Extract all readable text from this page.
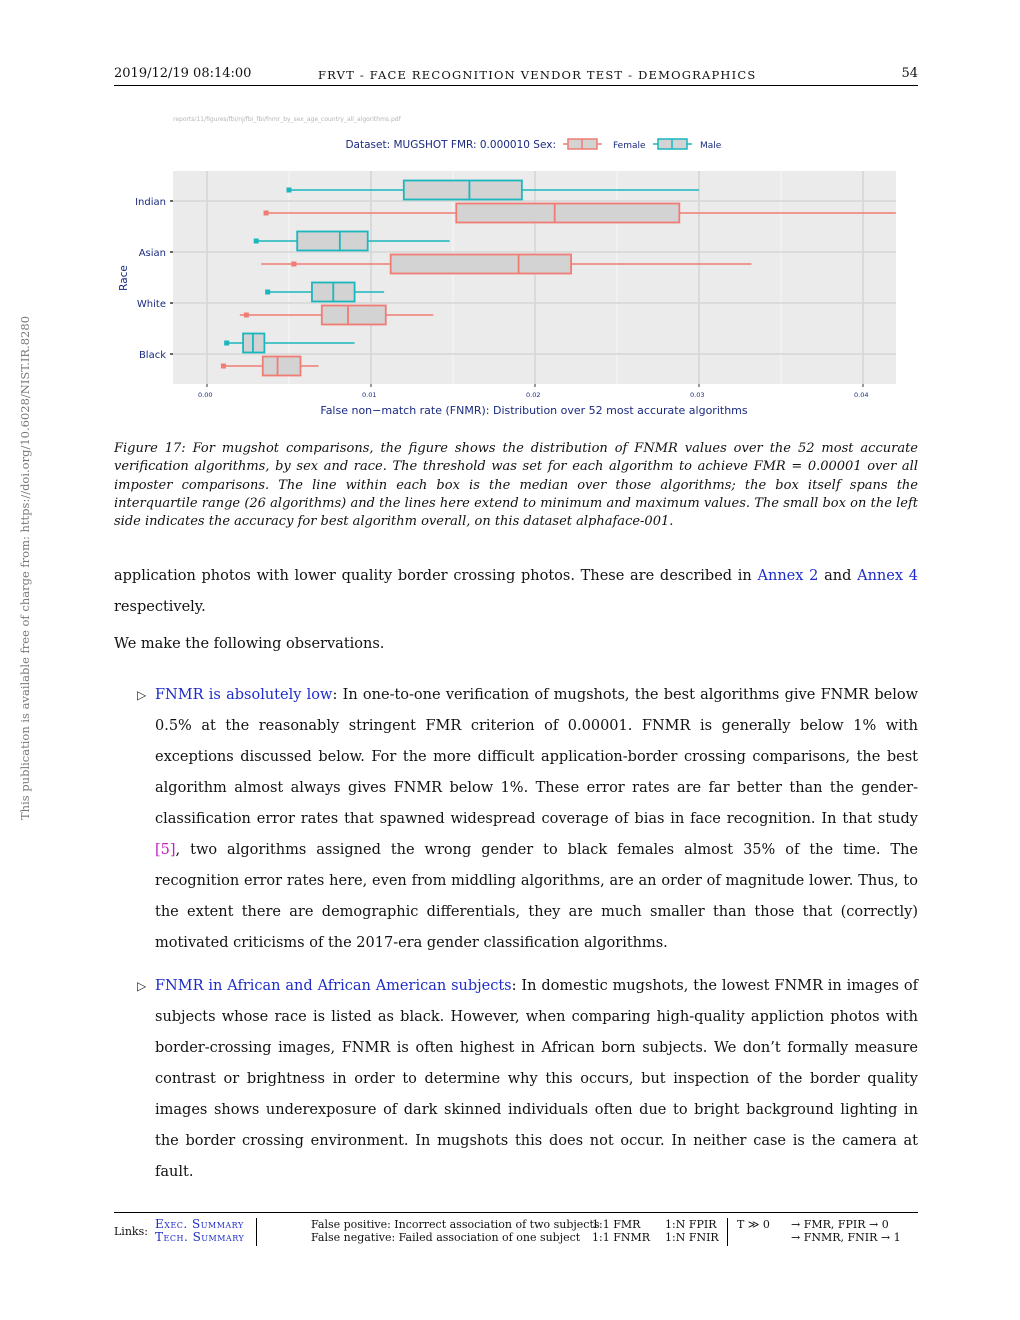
2019/12/19 08:14:00	FRVT - FACE RECOGNITION VENDOR TEST - DEMOGRAPHICS	54
This publication is available free of charge from: https://doi.org/10.6028/NIST.IR.8280
reports/11/figures/fbi/nj/fbi_fbi/fnmr_by_sex_age_country_all_algorithms.pdf
Dataset: MUGSHOT FMR: 0.000010 Sex:	Female	Male
Indian
Asian
White
Black
0.00	0.01	0.02	0.03	0.04
Race
False non−match rate (FNMR): Distribution over 52 most accurate algorithms
Figure 17: For mugshot comparisons, the figure shows the distribution of FNMR values over the 52 most accurate verification algorithms, by sex and race. The threshold was set for each algorithm to achieve FMR = 0.00001 over all imposter comparisons. The line within each box is the median over those algorithms; the box itself spans the interquartile range (26 algorithms) and the lines here extend to minimum and maximum values. The small box on the left side indicates the accuracy for best algorithm overall, on this dataset alphaface-001.
application photos with lower quality border crossing photos. These are described in Annex 2 and Annex 4 respectively.
We make the following observations.
▷ FNMR is absolutely low: In one-to-one verification of mugshots, the best algorithms give FNMR below 0.5% at the reasonably stringent FMR criterion of 0.00001. FNMR is generally below 1% with exceptions discussed below. For the more difficult application-border crossing comparisons, the best algorithm almost always gives FNMR below 1%. These error rates are far better than the gender-classification error rates that spawned widespread coverage of bias in face recognition. In that study [5], two algorithms assigned the wrong gender to black females almost 35% of the time. The recognition error rates here, even from middling algorithms, are an order of magnitude lower. Thus, to the extent there are demographic differentials, they are much smaller than those that (correctly) motivated criticisms of the 2017-era gender classification algorithms.
▷ FNMR in African and African American subjects: In domestic mugshots, the lowest FNMR in images of subjects whose race is listed as black. However, when comparing high-quality appliction photos with border-crossing images, FNMR is often highest in African born subjects. We don’t formally measure contrast or brightness in order to determine why this occurs, but inspection of the border quality images shows underexposure of dark skinned individuals often due to bright background lighting in the border crossing environment. In mugshots this does not occur. In neither case is the camera at fault.
Links:
Exec. Summary
Tech. Summary
False positive: Incorrect association of two subjects
False negative: Failed association of one subject
1:1 FMR
1:1 FNMR
1:N FPIR
1:N FNIR
T ≫ 0 → FMR, FPIR → 0
→ FNMR, FNIR → 1
